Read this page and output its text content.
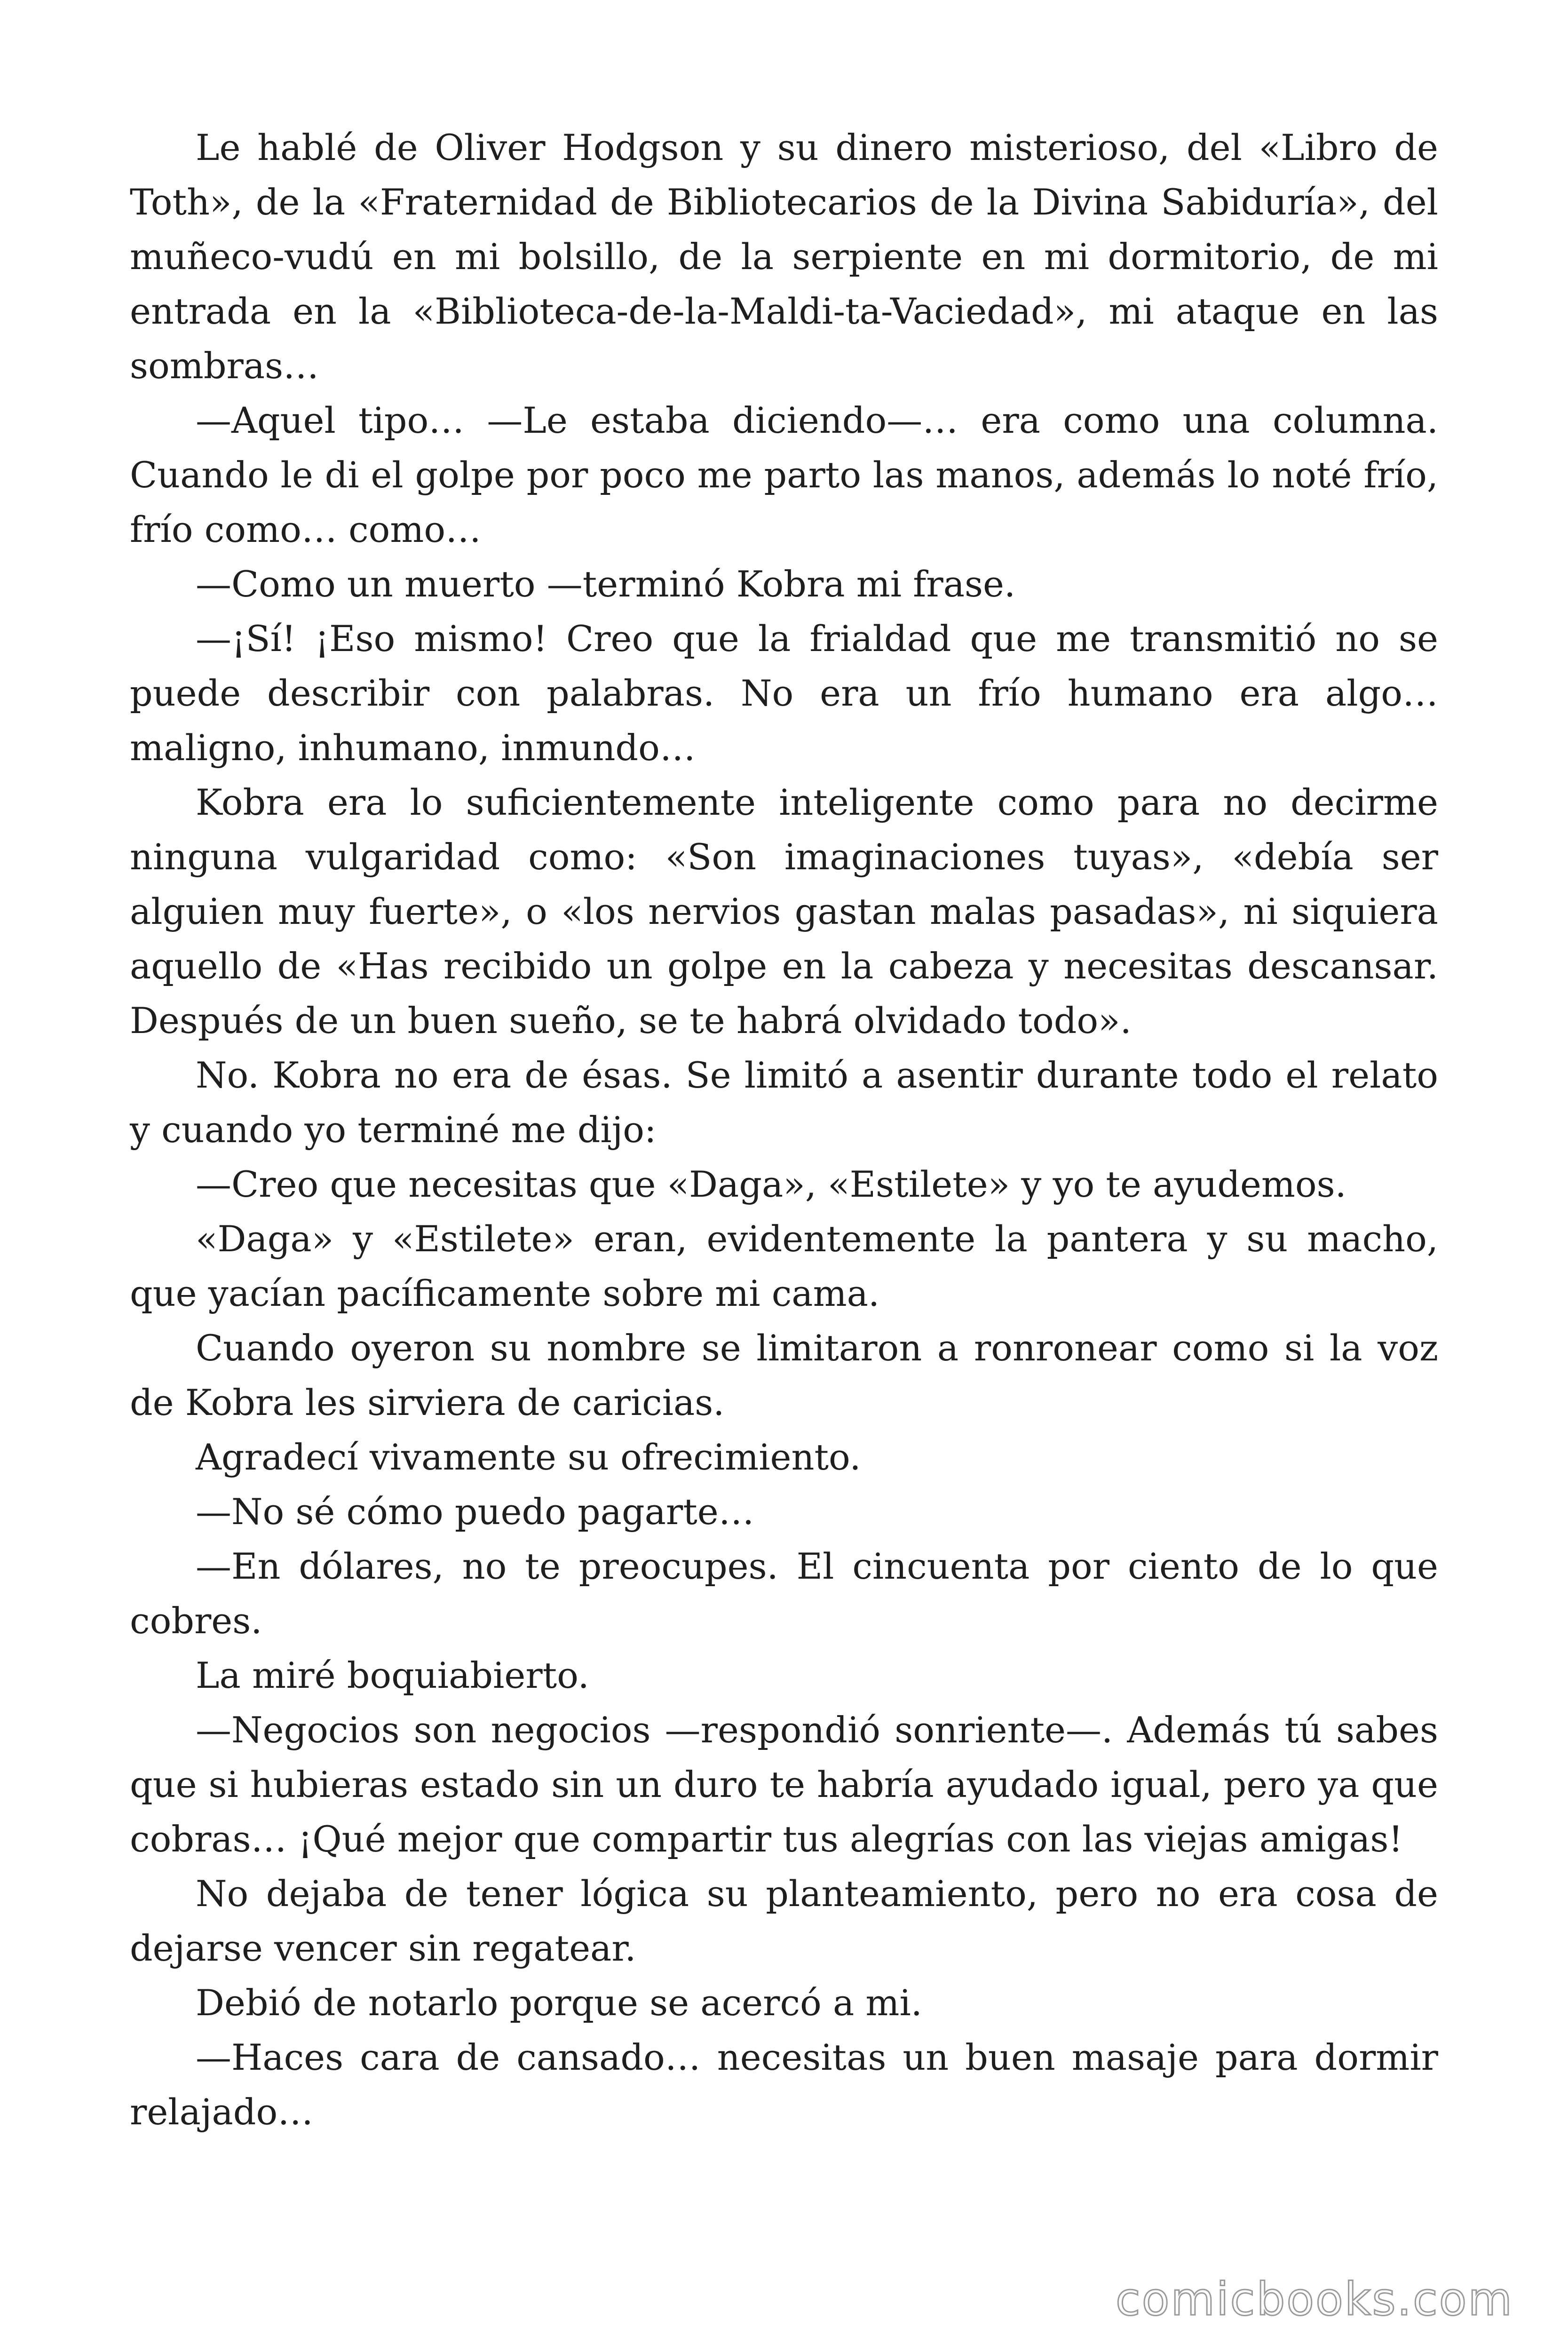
Le hablé de Oliver Hodgson y su dinero misterioso, del «Libro de Toth», de la «Fraternidad de Bibliotecarios de la Divina Sabiduría», del muñeco-vudú en mi bolsillo, de la serpiente en mi dormitorio, de mi entrada en la «Biblioteca-de-la-Maldi-ta-Vaciedad», mi ataque en las sombras…

—Aquel tipo… —Le estaba diciendo—… era como una columna. Cuando le di el golpe por poco me parto las manos, además lo noté frío, frío como… como…

—Como un muerto —terminó Kobra mi frase.

—¡Sí! ¡Eso mismo! Creo que la frialdad que me transmitió no se puede describir con palabras. No era un frío humano era algo… maligno, inhumano, inmundo…

Kobra era lo suficientemente inteligente como para no decirme ninguna vulgaridad como: «Son imaginaciones tuyas», «debía ser alguien muy fuerte», o «los nervios gastan malas pasadas», ni siquiera aquello de «Has recibido un golpe en la cabeza y necesitas descansar. Después de un buen sueño, se te habrá olvidado todo».

No. Kobra no era de ésas. Se limitó a asentir durante todo el relato y cuando yo terminé me dijo:

—Creo que necesitas que «Daga», «Estilete» y yo te ayudemos.

«Daga» y «Estilete» eran, evidentemente la pantera y su macho, que yacían pacíficamente sobre mi cama.

Cuando oyeron su nombre se limitaron a ronronear como si la voz de Kobra les sirviera de caricias.

Agradecí vivamente su ofrecimiento.

—No sé cómo puedo pagarte…

—En dólares, no te preocupes. El cincuenta por ciento de lo que cobres.

La miré boquiabierto.

—Negocios son negocios —respondió sonriente—. Además tú sabes que si hubieras estado sin un duro te habría ayudado igual, pero ya que cobras… ¡Qué mejor que compartir tus alegrías con las viejas amigas!

No dejaba de tener lógica su planteamiento, pero no era cosa de dejarse vencer sin regatear.

Debió de notarlo porque se acercó a mi.

—Haces cara de cansado… necesitas un buen masaje para dormir relajado…

comicbooks.com
